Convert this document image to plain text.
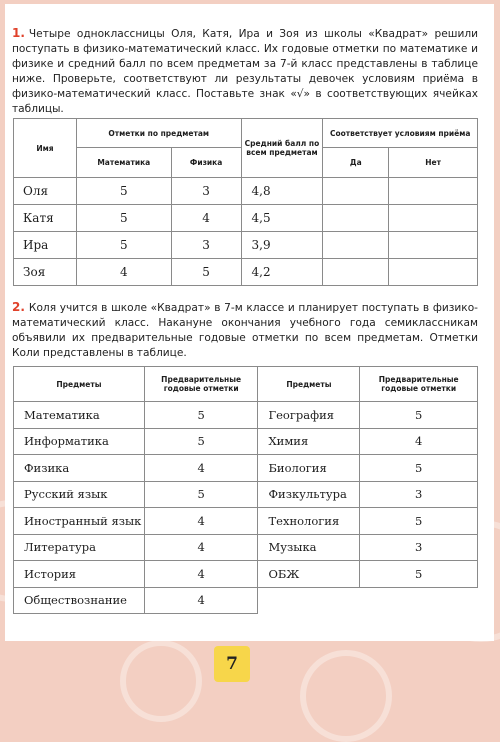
1. Четыре одноклассницы Оля, Катя, Ира и Зоя из школы «Квадрат» решили поступать в физико-математический класс. Их годовые отметки по математике и физике и средний балл по всем предметам за 7-й класс представлены в таблице ниже. Проверьте, соответствуют ли результаты девочек условиям приёма в физико-математический класс. Поставьте знак «√» в соответствующих ячейках таблицы.
Имя	Отметки по предметам		Средний балл по всем предметам	Соответствует условиям приёма	
	Математика	Физика		Да	Нет
Оля	5	3	4,8		
Катя	5	4	4,5		
Ира	5	3	3,9		
Зоя	4	5	4,2		
2. Коля учится в школе «Квадрат» в 7-м классе и планирует поступать в физико-математический класс. Накануне окончания учебного года семиклассникам объявили их предварительные годовые отметки по всем предметам. Отметки Коли представлены в таблице.
Предметы	Предварительные годовые отметки	Предметы	Предварительные годовые отметки
Математика	5	География	5
Информатика	5	Химия	4
Физика	4	Биология	5
Русский язык	5	Физкультура	3
Иностранный язык	4	Технология	5
Литература	4	Музыка	3
История	4	ОБЖ	5
Обществознание	4		
7
